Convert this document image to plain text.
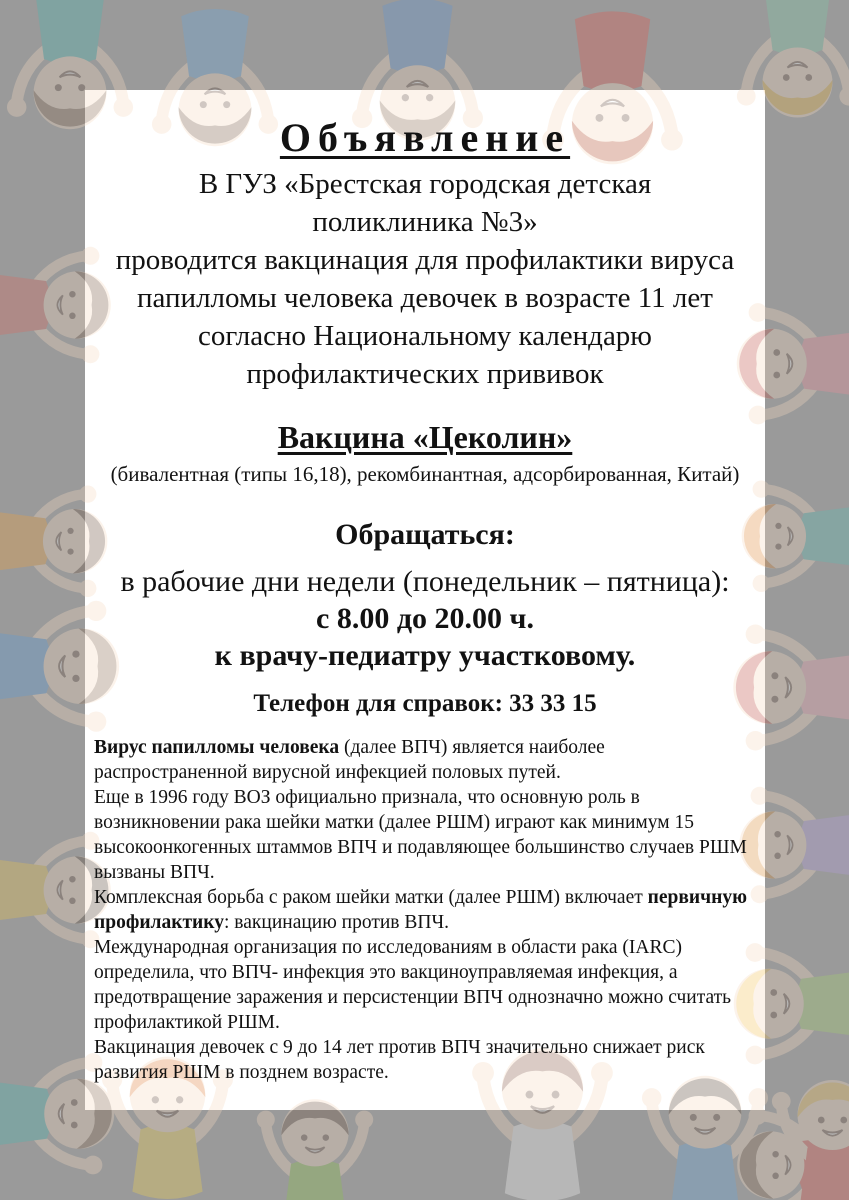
Объявление
В ГУЗ «Брестская городская детская
поликлиника №3»
проводится вакцинация для профилактики вируса
папилломы человека девочек в возрасте 11 лет
согласно Национальному календарю
профилактических прививок
Вакцина «Цеколин»
(бивалентная (типы 16,18), рекомбинантная, адсорбированная, Китай)
Обращаться:
в рабочие дни недели (понедельник – пятница):
с 8.00 до 20.00 ч.
к врачу-педиатру участковому.
Телефон для справок: 33 33 15

Вирус папилломы человека (далее ВПЧ) является наиболее распространенной вирусной инфекцией половых путей.

Еще в 1996 году ВОЗ официально признала, что основную роль в возникновении рака шейки матки (далее РШМ) играют как минимум 15 высокоонкогенных штаммов ВПЧ и подавляющее большинство случаев РШМ вызваны ВПЧ.

Комплексная борьба с раком шейки матки (далее РШМ) включает первичную профилактику: вакцинацию против ВПЧ.

Международная организация по исследованиям в области рака (IARC) определила, что ВПЧ- инфекция это вакциноуправляемая инфекция, а предотвращение заражения и персистенции ВПЧ однозначно можно считать профилактикой РШМ.

Вакцинация девочек с 9 до 14 лет против ВПЧ значительно снижает риск развития РШМ в позднем возрасте.
